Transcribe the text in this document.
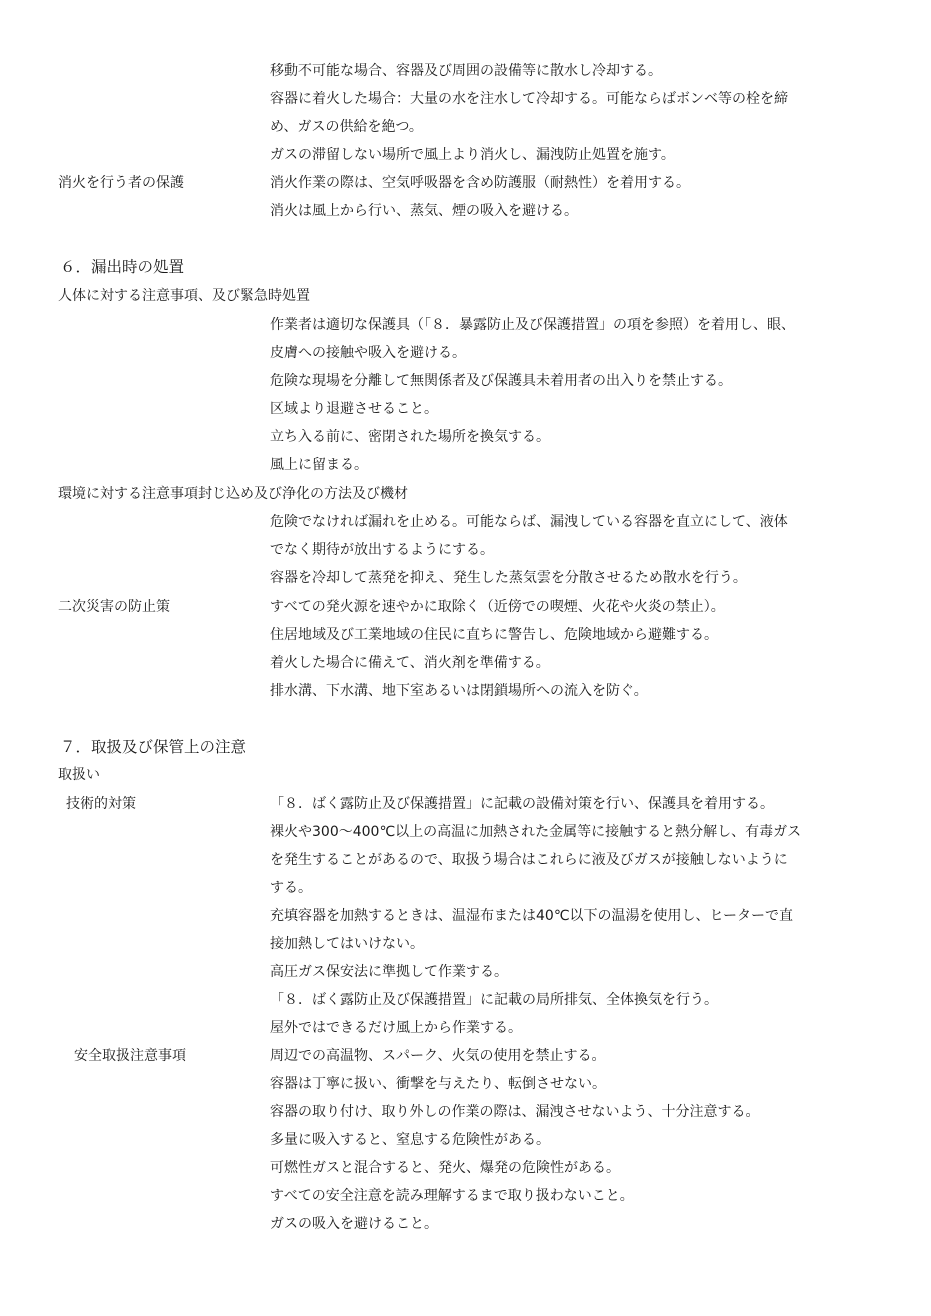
移動不可能な場合、容器及び周囲の設備等に散水し冷却する。
容器に着火した場合：大量の水を注水して冷却する。可能ならばボンベ等の栓を締
め、ガスの供給を絶つ。
ガスの滞留しない場所で風上より消火し、漏洩防止処置を施す。
消火を行う者の保護	消火作業の際は、空気呼吸器を含め防護服（耐熱性）を着用する。
消火は風上から行い、蒸気、煙の吸入を避ける。
６．漏出時の処置
人体に対する注意事項、及び緊急時処置
作業者は適切な保護具（「８．暴露防止及び保護措置」の項を参照）を着用し、眼、
皮膚への接触や吸入を避ける。
危険な現場を分離して無関係者及び保護具未着用者の出入りを禁止する。
区域より退避させること。
立ち入る前に、密閉された場所を換気する。
風上に留まる。
環境に対する注意事項封じ込め及び浄化の方法及び機材
危険でなければ漏れを止める。可能ならば、漏洩している容器を直立にして、液体
でなく期待が放出するようにする。
容器を冷却して蒸発を抑え、発生した蒸気雲を分散させるため散水を行う。
二次災害の防止策	すべての発火源を速やかに取除く（近傍での喫煙、火花や火炎の禁止）。
住居地域及び工業地域の住民に直ちに警告し、危険地域から避難する。
着火した場合に備えて、消火剤を準備する。
排水溝、下水溝、地下室あるいは閉鎖場所への流入を防ぐ。
７．取扱及び保管上の注意
取扱い
技術的対策	「８．ばく露防止及び保護措置」に記載の設備対策を行い、保護具を着用する。
裸火や300～400℃以上の高温に加熱された金属等に接触すると熱分解し、有毒ガス
を発生することがあるので、取扱う場合はこれらに液及びガスが接触しないように
する。
充填容器を加熱するときは、温湿布または40℃以下の温湯を使用し、ヒーターで直
接加熱してはいけない。
高圧ガス保安法に準拠して作業する。
「８．ばく露防止及び保護措置」に記載の局所排気、全体換気を行う。
屋外ではできるだけ風上から作業する。
安全取扱注意事項	周辺での高温物、スパーク、火気の使用を禁止する。
容器は丁寧に扱い、衝撃を与えたり、転倒させない。
容器の取り付け、取り外しの作業の際は、漏洩させないよう、十分注意する。
多量に吸入すると、窒息する危険性がある。
可燃性ガスと混合すると、発火、爆発の危険性がある。
すべての安全注意を読み理解するまで取り扱わないこと。
ガスの吸入を避けること。
